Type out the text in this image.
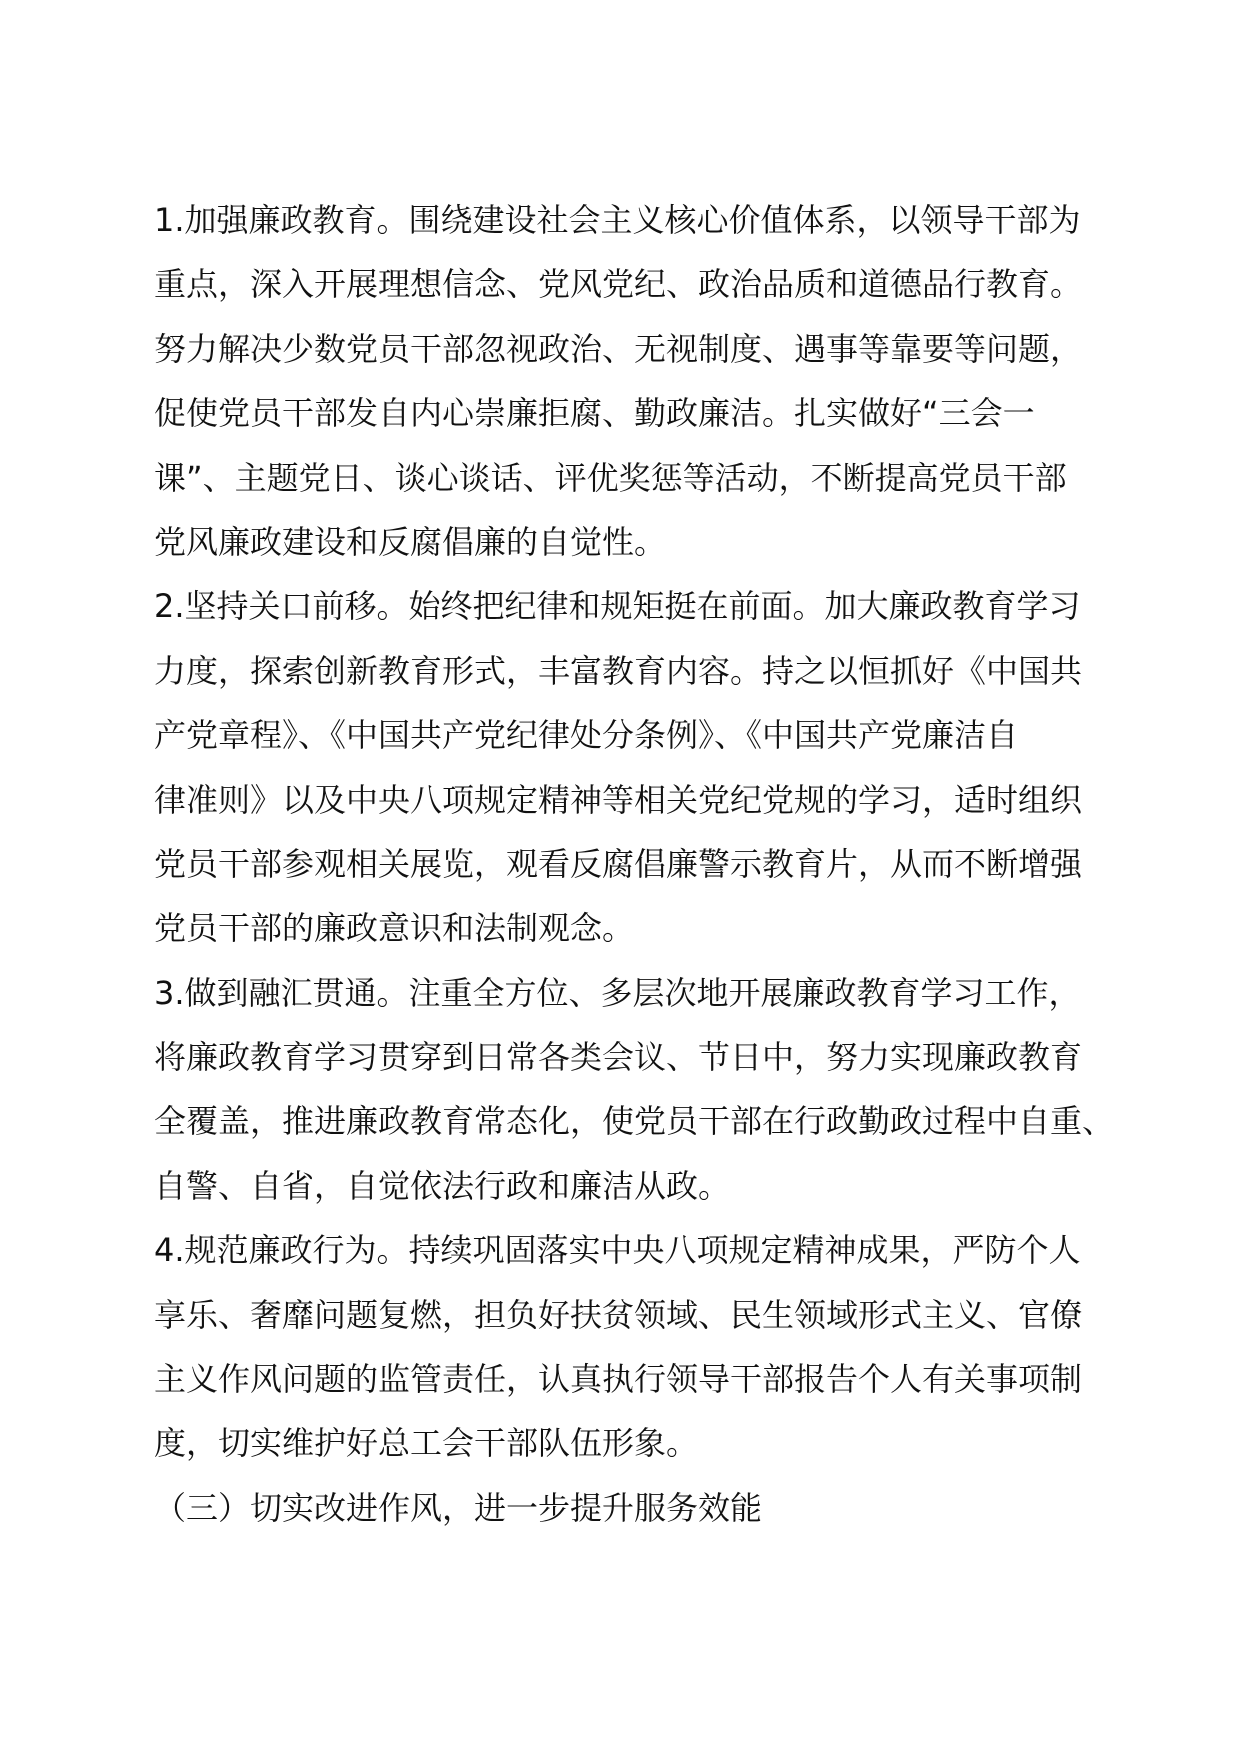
1.加强廉政教育。围绕建设社会主义核心价值体系，以领导干部为
重点，深入开展理想信念、党风党纪、政治品质和道德品行教育。
努力解决少数党员干部忽视政治、无视制度、遇事等靠要等问题，
促使党员干部发自内心崇廉拒腐、勤政廉洁。扎实做好“三会一
课”、主题党日、谈心谈话、评优奖惩等活动，不断提高党员干部
党风廉政建设和反腐倡廉的自觉性。
2.坚持关口前移。始终把纪律和规矩挺在前面。加大廉政教育学习
力度，探索创新教育形式，丰富教育内容。持之以恒抓好《中国共
产党章程》、《中国共产党纪律处分条例》、《中国共产党廉洁自
律准则》以及中央八项规定精神等相关党纪党规的学习，适时组织
党员干部参观相关展览，观看反腐倡廉警示教育片，从而不断增强
党员干部的廉政意识和法制观念。
3.做到融汇贯通。注重全方位、多层次地开展廉政教育学习工作，
将廉政教育学习贯穿到日常各类会议、节日中，努力实现廉政教育
全覆盖，推进廉政教育常态化，使党员干部在行政勤政过程中自重、
自警、自省，自觉依法行政和廉洁从政。
4.规范廉政行为。持续巩固落实中央八项规定精神成果，严防个人
享乐、奢靡问题复燃，担负好扶贫领域、民生领域形式主义、官僚
主义作风问题的监管责任，认真执行领导干部报告个人有关事项制
度，切实维护好总工会干部队伍形象。
（三）切实改进作风，进一步提升服务效能
